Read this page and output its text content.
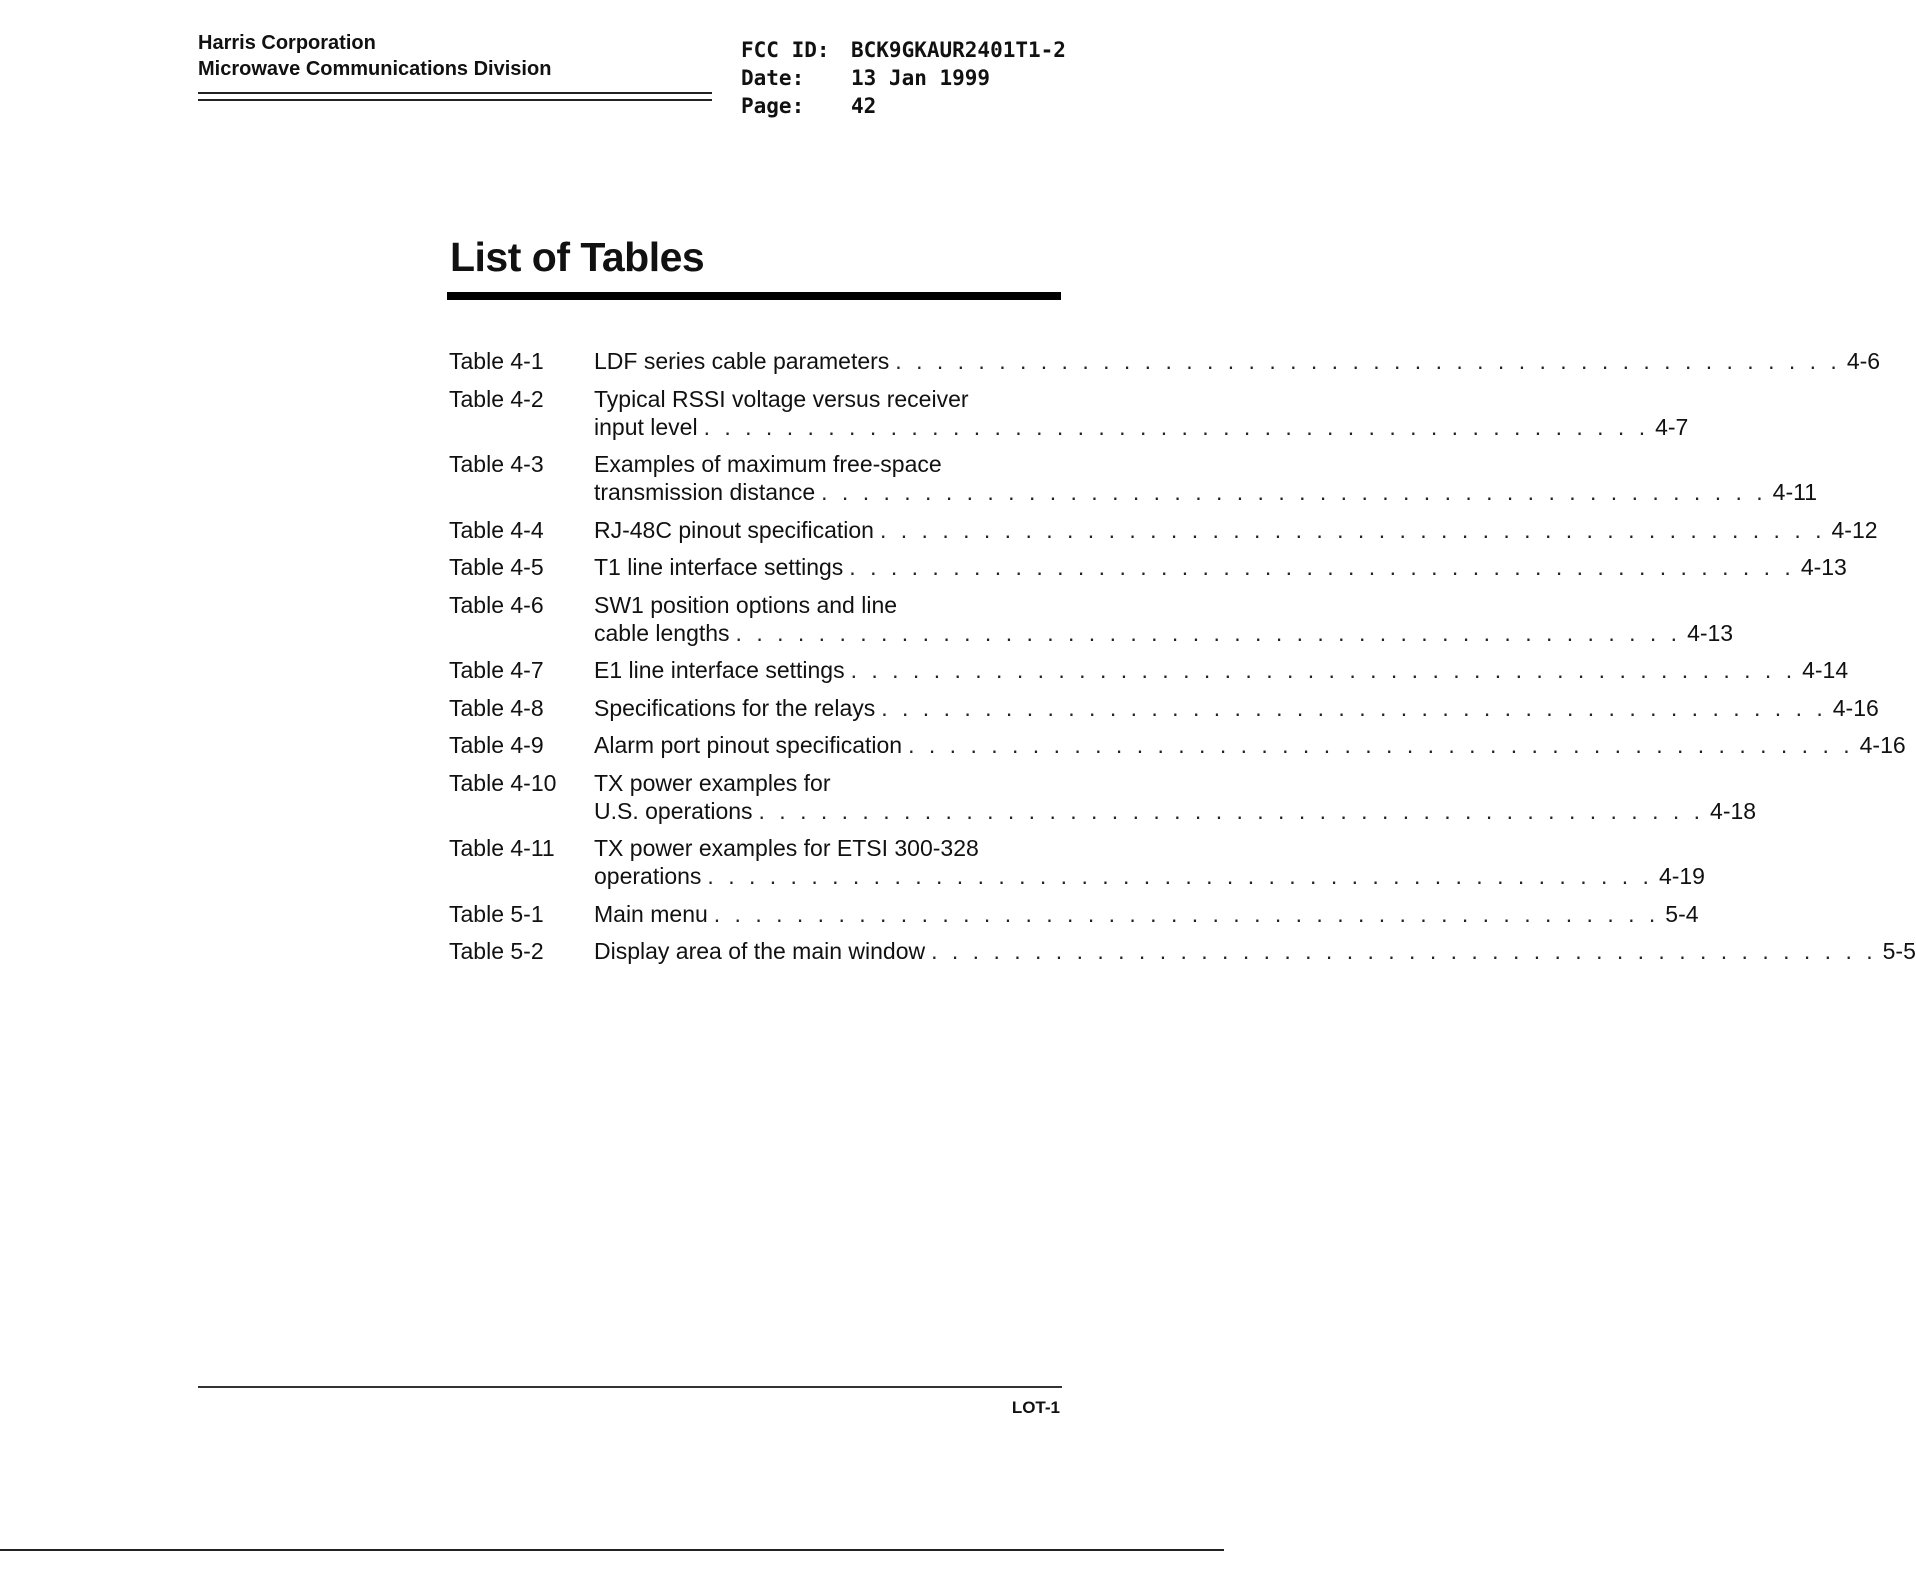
Harris Corporation
Microwave Communications Division
FCC ID:	BCK9GKAUR2401T1-2
Date:	13 Jan 1999
Page:	42
List of Tables
Table 4-1	LDF series cable parameters . . .	4-6
Table 4-2	Typical RSSI voltage versus receiver
input level . . .	4-7
Table 4-3	Examples of maximum free-space
transmission distance . . .	4-11
Table 4-4	RJ-48C pinout specification . . .	4-12
Table 4-5	T1 line interface settings . . .	4-13
Table 4-6	SW1 position options and line
cable lengths . . .	4-13
Table 4-7	E1 line interface settings . . .	4-14
Table 4-8	Specifications for the relays . . .	4-16
Table 4-9	Alarm port pinout specification . . .	4-16
Table 4-10	TX power examples for
U.S. operations . . .	4-18
Table 4-11	TX power examples for ETSI 300-328
operations . . .	4-19
Table 5-1	Main menu . . .	5-4
Table 5-2	Display area of the main window . . .	5-5
LOT-1
